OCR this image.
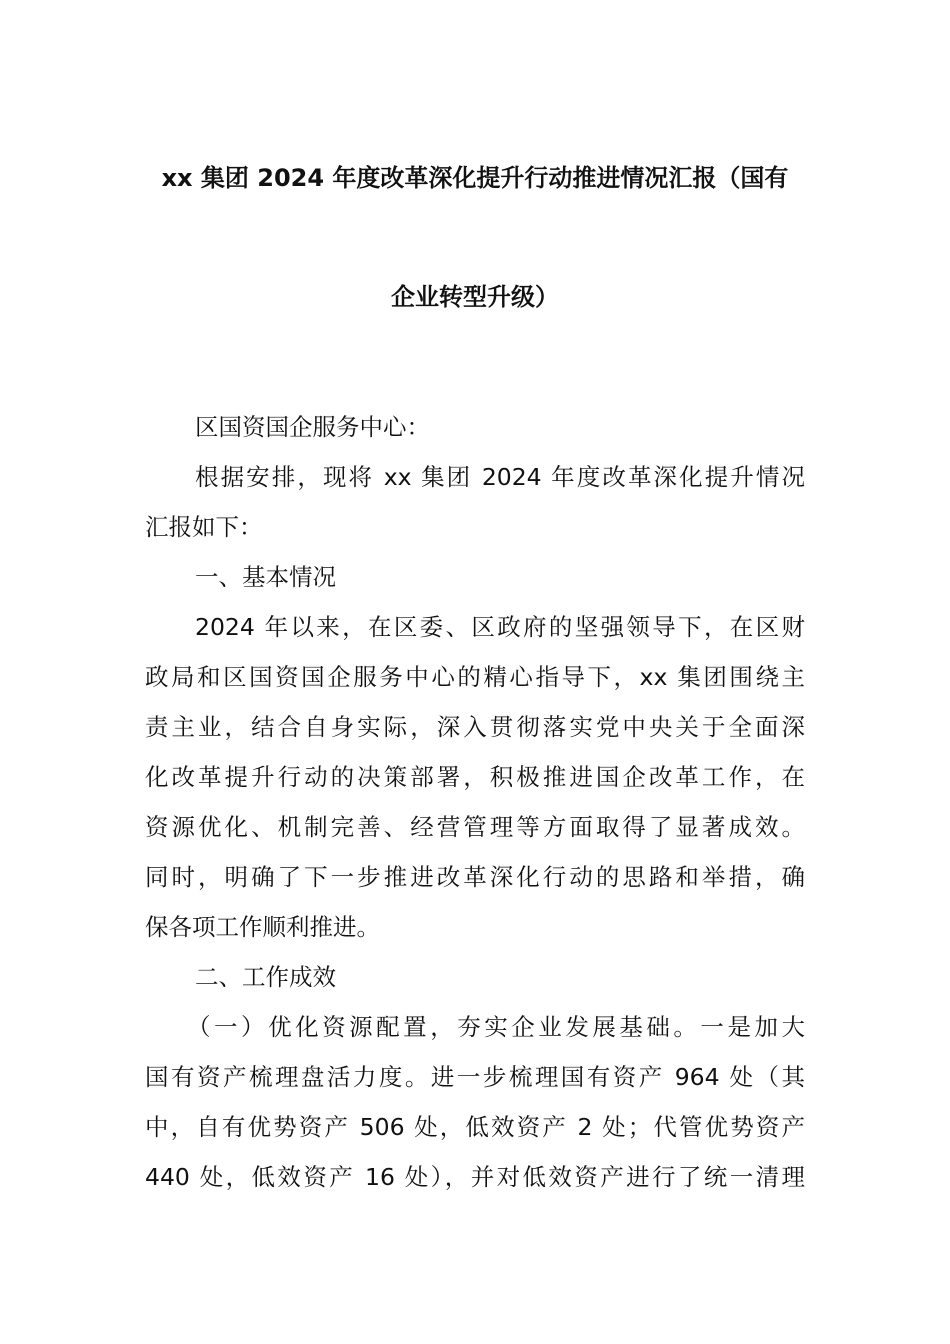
xx 集团 2024 年度改革深化提升行动推进情况汇报（国有
企业转型升级）
区国资国企服务中心：
根据安排，现将 xx 集团 2024 年度改革深化提升情况
汇报如下：
一、基本情况
2024 年以来，在区委、区政府的坚强领导下，在区财
政局和区国资国企服务中心的精心指导下，xx 集团围绕主
责主业，结合自身实际，深入贯彻落实党中央关于全面深
化改革提升行动的决策部署，积极推进国企改革工作，在
资源优化、机制完善、经营管理等方面取得了显著成效。
同时，明确了下一步推进改革深化行动的思路和举措，确
保各项工作顺利推进。
二、工作成效
（一）优化资源配置，夯实企业发展基础。一是加大
国有资产梳理盘活力度。进一步梳理国有资产 964 处（其
中，自有优势资产 506 处，低效资产 2 处；代管优势资产
440 处，低效资产 16 处），并对低效资产进行了统一清理
